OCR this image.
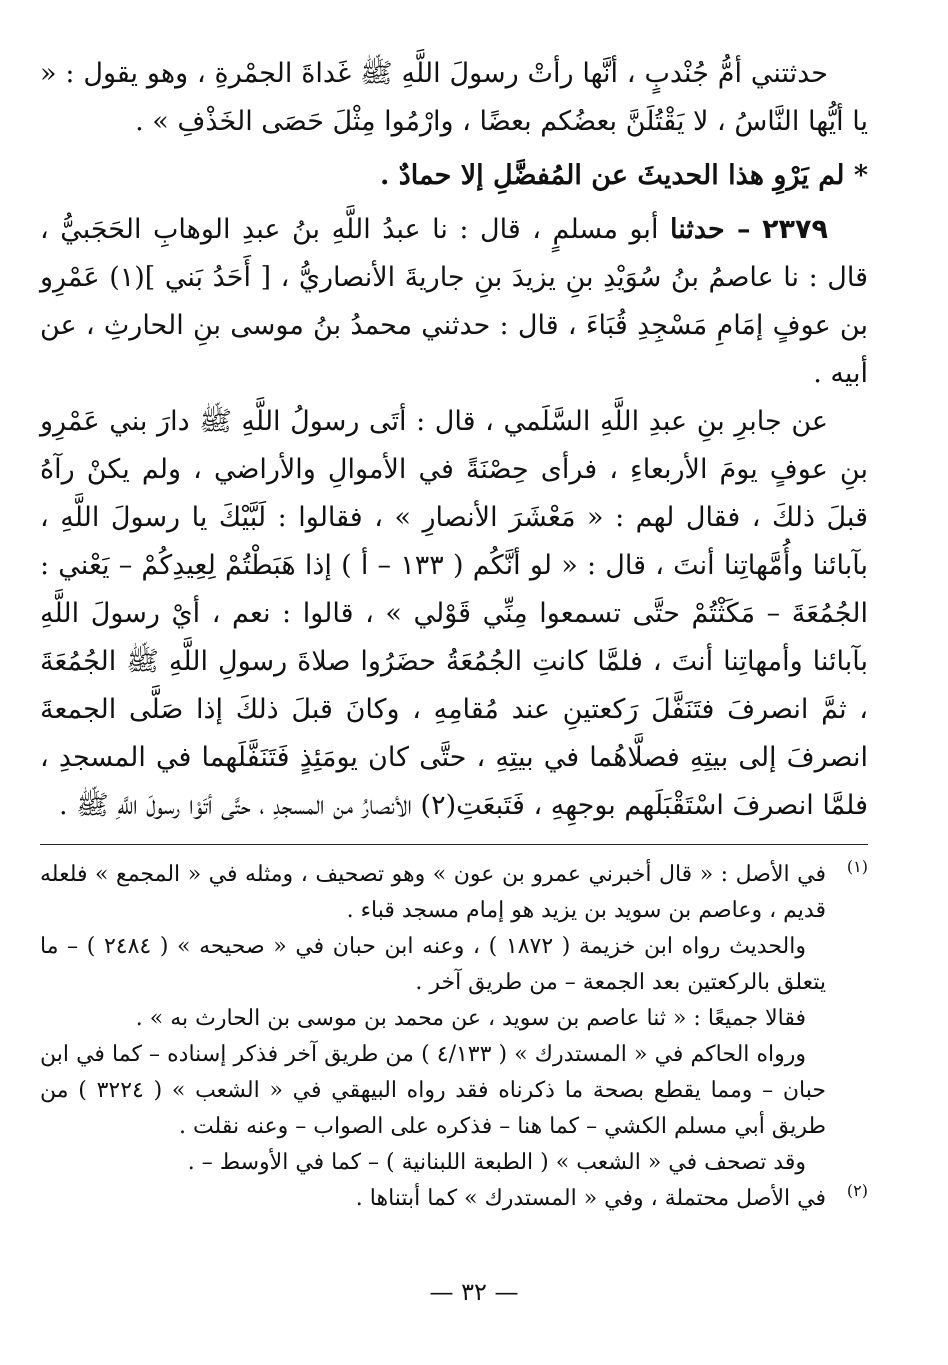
حدثتني أمُّ جُنْدبٍ ، أنَّها رأتْ رسولَ اللَّهِ ﷺ غَداةَ الجمْرةِ ، وهو يقول : « يا أيُّها النَّاسُ ، لا يَقْتُلَنَّ بعضُكم بعضًا ، وارْمُوا مِثْلَ حَصَى الخَذْفِ » .

* لم يَرْوِ هذا الحديثَ عن المُفضَّلِ إلا حمادٌ .

٢٣٧٩ – حدثنا أبو مسلمٍ ، قال : نا عبدُ اللَّهِ بنُ عبدِ الوهابِ الحَجَبيُّ ، قال : نا عاصمُ بنُ سُوَيْدِ بنِ يزيدَ بنِ جاريةَ الأنصاريُّ ، [ أَحَدُ بَني ](١) عَمْرِو بن عوفٍ إمَامِ مَسْجِدِ قُبَاءَ ، قال : حدثني محمدُ بنُ موسى بنِ الحارثِ ، عن أبيه .

عن جابرِ بنِ عبدِ اللَّهِ السَّلَمي ، قال : أتَى رسولُ اللَّهِ ﷺ دارَ بني عَمْرِو بنِ عوفٍ يومَ الأربعاءِ ، فرأى حِصْنَةً في الأموالِ والأراضي ، ولم يكنْ رآهُ قبلَ ذلكَ ، فقال لهم : « مَعْشَرَ الأنصارِ » ، فقالوا : لَبَّيْكَ يا رسولَ اللَّهِ ، بآبائنا وأُمَّهاتِنا أنتَ ، قال : « لو أنَّكُم ( ١٣٣ – أ ) إذا هَبَطْتُمْ لِعِيدِكُمْ – يَعْني : الجُمُعَةَ – مَكَثْتُمْ حتَّى تسمعوا مِنِّي قَوْلي » ، قالوا : نعم ، أيْ رسولَ اللَّهِ بآبائنا وأمهاتِنا أنتَ ، فلمَّا كانتِ الجُمُعَةُ حضَرُوا صلاةَ رسولِ اللَّهِ ﷺ الجُمُعَةَ ، ثمَّ انصرفَ فتَنَفَّلَ رَكعتينِ عند مُقامِهِ ، وكانَ قبلَ ذلكَ إذا صَلَّى الجمعةَ انصرفَ إلى بيتِهِ فصلَّاهُما في بيتِهِ ، حتَّى كان يومَئِذٍ فَتَنَفَّلَهما في المسجدِ ، فلمَّا انصرفَ اسْتَقْبَلَهم بوجهِهِ ، فَتَبعَتِ(٢) الأنصارُ من المسجدِ ، حتَّى أتَوْا رسولَ اللَّهِ ﷺ .

(١)

في الأصل : « قال أخبرني عمرو بن عون » وهو تصحيف ، ومثله في « المجمع » فلعله قديم ، وعاصم بن سويد بن يزيد هو إمام مسجد قباء .

والحديث رواه ابن خزيمة ( ١٨٧٢ ) ، وعنه ابن حبان في « صحيحه » ( ٢٤٨٤ ) – ما يتعلق بالركعتين بعد الجمعة – من طريق آخر .

فقالا جميعًا : « ثنا عاصم بن سويد ، عن محمد بن موسى بن الحارث به » .

ورواه الحاكم في « المستدرك » ( ٤/١٣٣ ) من طريق آخر فذكر إسناده – كما في ابن حبان – ومما يقطع بصحة ما ذكرناه فقد رواه البيهقي في « الشعب » ( ٣٢٢٤ ) من طريق أبي مسلم الكشي – كما هنا – فذكره على الصواب – وعنه نقلت .

وقد تصحف في « الشعب » ( الطبعة اللبنانية ) – كما في الأوسط – .

(٢)

في الأصل محتملة ، وفي « المستدرك » كما أبتناها .

— ٣٢ —
